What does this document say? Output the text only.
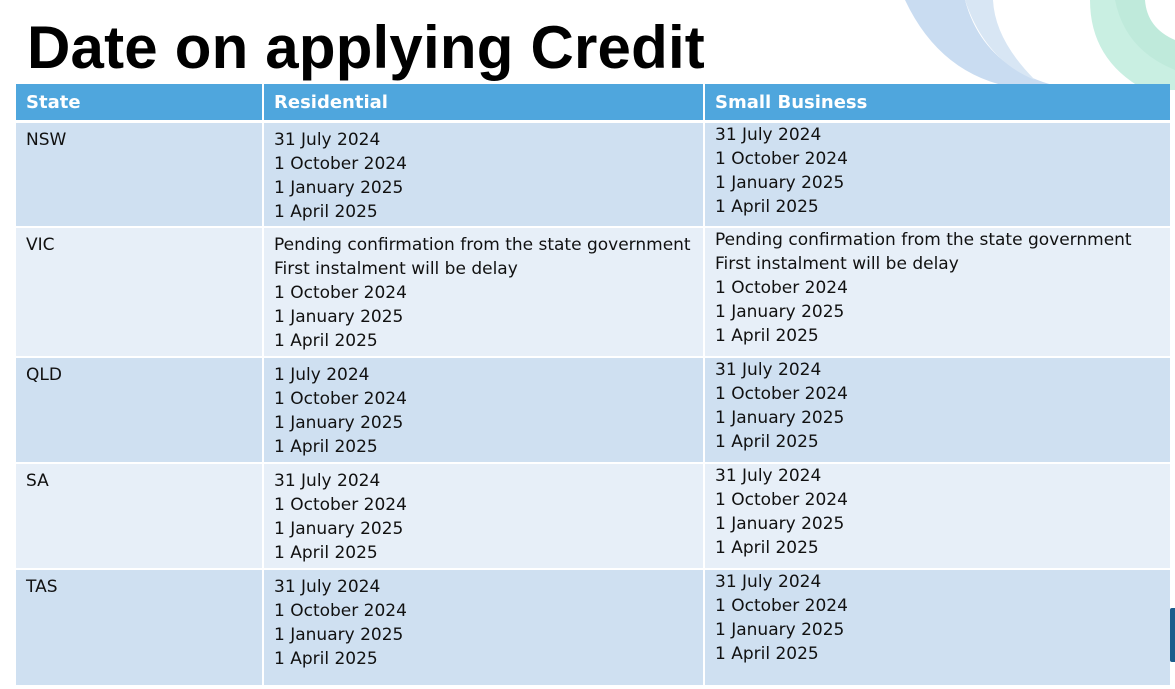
Date on applying Credit
State	Residential	Small Business
NSW	31 July 2024
1 October 2024
1 January 2025
1 April 2025	31 July 2024
1 October 2024
1 January 2025
1 April 2025

VIC	Pending confirmation from the state government
First instalment will be delay
1 October 2024
1 January 2025
1 April 2025	Pending confirmation from the state government
First instalment will be delay
1 October 2024
1 January 2025
1 April 2025

QLD	1 July 2024
1 October 2024
1 January 2025
1 April 2025	31 July 2024
1 October 2024
1 January 2025
1 April 2025

SA	31 July 2024
1 October 2024
1 January 2025
1 April 2025	31 July 2024
1 October 2024
1 January 2025
1 April 2025

TAS	31 July 2024
1 October 2024
1 January 2025
1 April 2025	31 July 2024
1 October 2024
1 January 2025
1 April 2025
